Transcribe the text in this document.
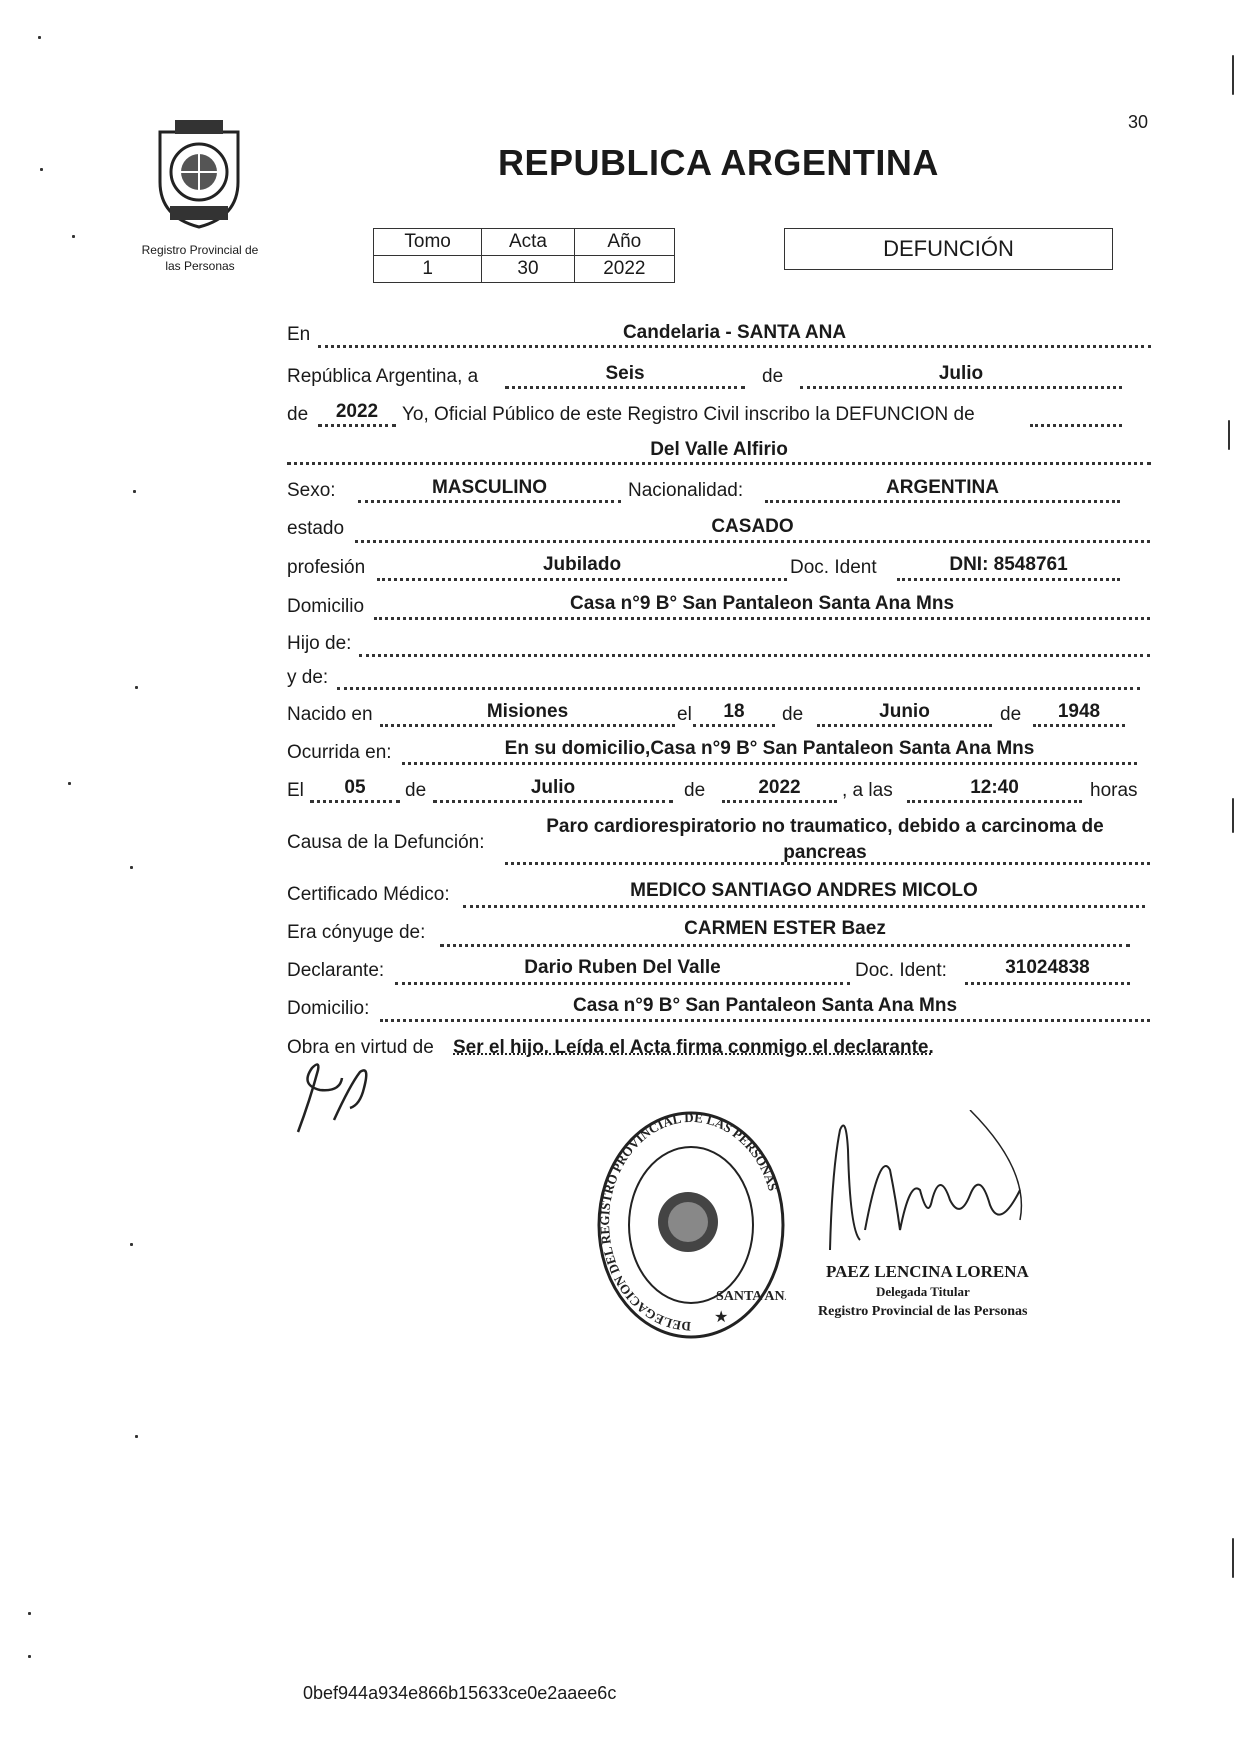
30
Registro Provincial de
las Personas
REPUBLICA ARGENTINA
Tomo	Acta	Año
1	30	2022
DEFUNCIÓN
En	Candelaria - SANTA ANA
República Argentina, a	Seis	de	Julio
de	2022	Yo, Oficial Público de este Registro Civil inscribo la DEFUNCION de
Del Valle Alfirio
Sexo:	MASCULINO	Nacionalidad:	ARGENTINA
estado	CASADO
profesión	Jubilado	Doc. Ident	DNI: 8548761
Domicilio	Casa n°9 B° San Pantaleon Santa Ana Mns
Hijo de:
y de:
Nacido en	Misiones	el	18	de	Junio	de	1948
Ocurrida en:	En su domicilio,Casa n°9 B° San Pantaleon Santa Ana Mns
El	05	de	Julio	de	2022	, a las	12:40	horas
Causa de la Defunción:
Paro cardiorespiratorio no traumatico, debido a carcinoma de
pancreas
Certificado Médico:	MEDICO SANTIAGO ANDRES MICOLO
Era cónyuge de:	CARMEN ESTER Baez
Declarante:	Dario Ruben Del Valle	Doc. Ident:	31024838
Domicilio:	Casa n°9 B° San Pantaleon Santa Ana Mns
Obra en virtud de Ser el hijo. Leída el Acta firma conmigo el declarante.
DELEGACION DEL REGISTRO PROVINCIAL DE LAS PERSONAS
SANTA AN
★
PAEZ LENCINA LORENA
Delegada Titular
Registro Provincial de las Personas
0bef944a934e866b15633ce0e2aaee6c
